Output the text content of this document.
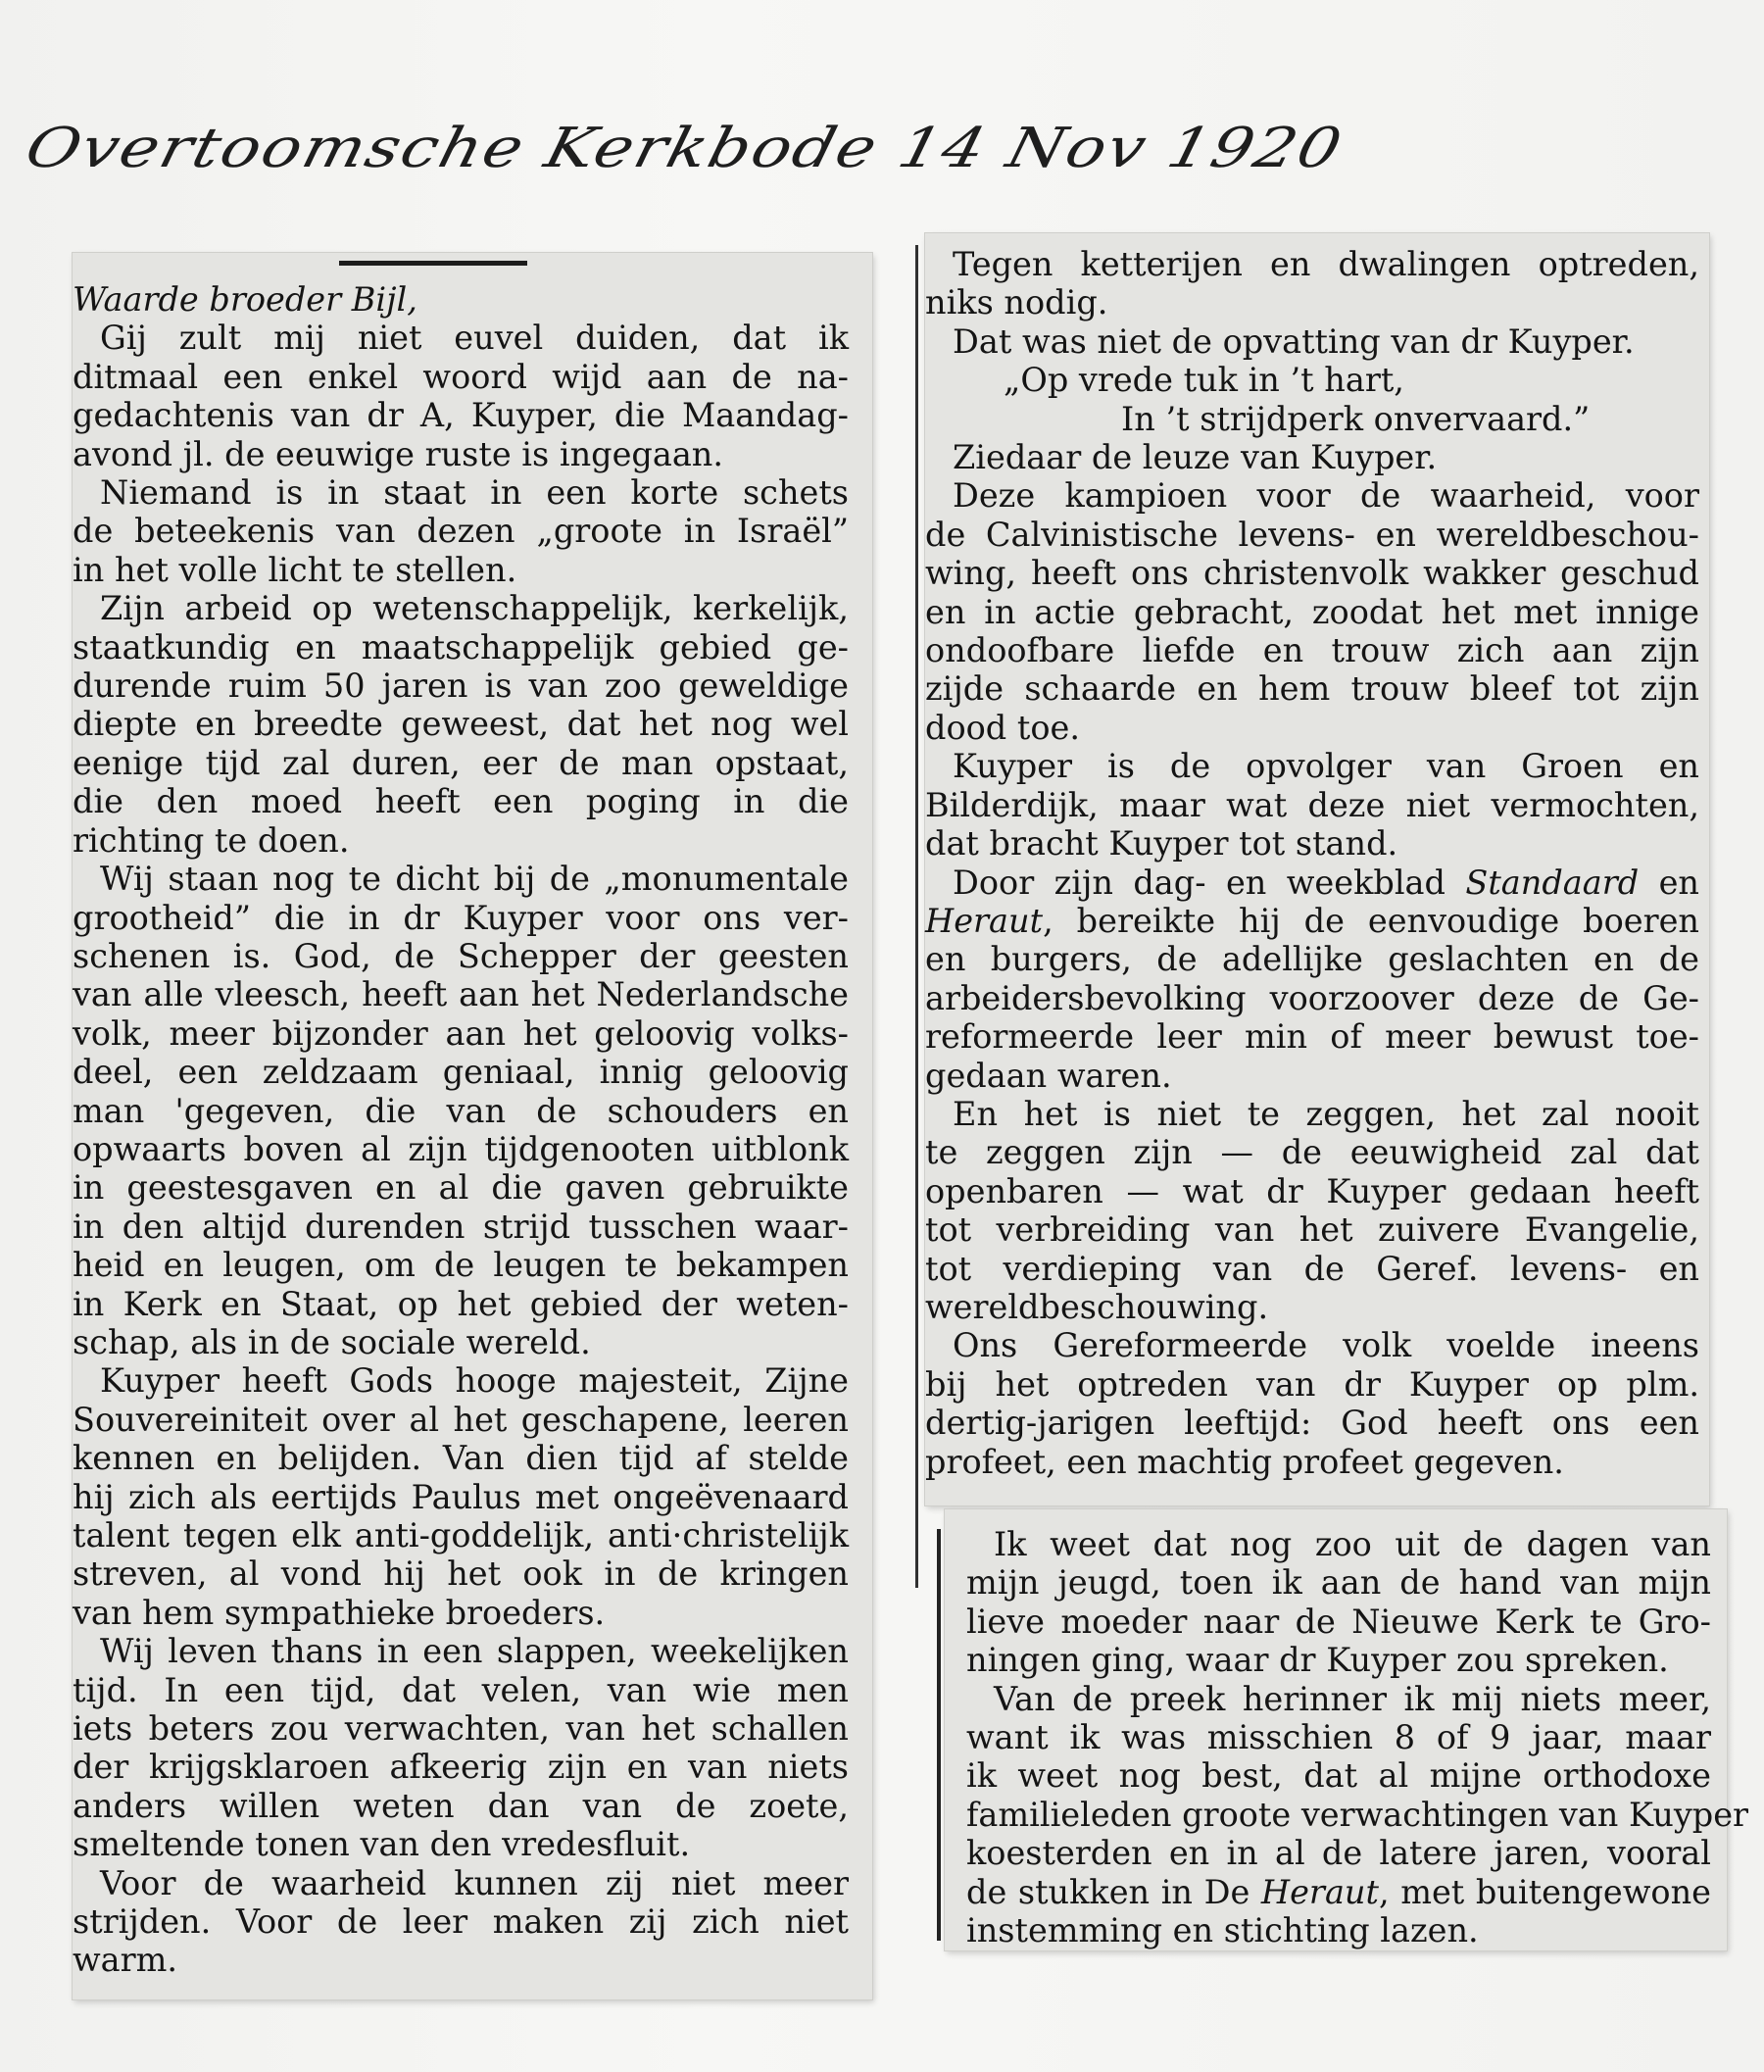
Overtoomsche Kerkbode 14 Nov 1920
Waarde broeder Bijl,
Gij zult mij niet euvel duiden, dat ik
ditmaal een enkel woord wijd aan de na-
gedachtenis van dr A, Kuyper, die Maandag-
avond jl. de eeuwige ruste is ingegaan.
Niemand is in staat in een korte schets
de beteekenis van dezen „groote in Israël”
in het volle licht te stellen.
Zijn arbeid op wetenschappelijk, kerkelijk,
staatkundig en maatschappelijk gebied ge-
durende ruim 50 jaren is van zoo geweldige
diepte en breedte geweest, dat het nog wel
eenige tijd zal duren, eer de man opstaat,
die den moed heeft een poging in die
richting te doen.
Wij staan nog te dicht bij de „monumentale
grootheid” die in dr Kuyper voor ons ver-
schenen is. God, de Schepper der geesten
van alle vleesch, heeft aan het Nederlandsche
volk, meer bijzonder aan het geloovig volks-
deel, een zeldzaam geniaal, innig geloovig
man 'gegeven, die van de schouders en
opwaarts boven al zijn tijdgenooten uitblonk
in geestesgaven en al die gaven gebruikte
in den altijd durenden strijd tusschen waar-
heid en leugen, om de leugen te bekampen
in Kerk en Staat, op het gebied der weten-
schap, als in de sociale wereld.
Kuyper heeft Gods hooge majesteit, Zijne
Souvereiniteit over al het geschapene, leeren
kennen en belijden. Van dien tijd af stelde
hij zich als eertijds Paulus met ongeëvenaard
talent tegen elk anti-goddelijk, anti·christelijk
streven, al vond hij het ook in de kringen
van hem sympathieke broeders.
Wij leven thans in een slappen, weekelijken
tijd. In een tijd, dat velen, van wie men
iets beters zou verwachten, van het schallen
der krijgsklaroen afkeerig zijn en van niets
anders willen weten dan van de zoete,
smeltende tonen van den vredesfluit.
Voor de waarheid kunnen zij niet meer
strijden. Voor de leer maken zij zich niet
warm.
Tegen ketterijen en dwalingen optreden,
niks nodig.
Dat was niet de opvatting van dr Kuyper.
„Op vrede tuk in ’t hart,
In ’t strijdperk onvervaard.”
Ziedaar de leuze van Kuyper.
Deze kampioen voor de waarheid, voor
de Calvinistische levens- en wereldbeschou-
wing, heeft ons christenvolk wakker geschud
en in actie gebracht, zoodat het met innige
ondoofbare liefde en trouw zich aan zijn
zijde schaarde en hem trouw bleef tot zijn
dood toe.
Kuyper is de opvolger van Groen en
Bilderdijk, maar wat deze niet vermochten,
dat bracht Kuyper tot stand.
Door zijn dag- en weekblad Standaard en
Heraut, bereikte hij de eenvoudige boeren
en burgers, de adellijke geslachten en de
arbeidersbevolking voorzoover deze de Ge-
reformeerde leer min of meer bewust toe-
gedaan waren.
En het is niet te zeggen, het zal nooit
te zeggen zijn — de eeuwigheid zal dat
openbaren — wat dr Kuyper gedaan heeft
tot verbreiding van het zuivere Evangelie,
tot verdieping van de Geref. levens- en
wereldbeschouwing.
Ons Gereformeerde volk voelde ineens
bij het optreden van dr Kuyper op plm.
dertig-jarigen leeftijd: God heeft ons een
profeet, een machtig profeet gegeven.
Ik weet dat nog zoo uit de dagen van
mijn jeugd, toen ik aan de hand van mijn
lieve moeder naar de Nieuwe Kerk te Gro-
ningen ging, waar dr Kuyper zou spreken.
Van de preek herinner ik mij niets meer,
want ik was misschien 8 of 9 jaar, maar
ik weet nog best, dat al mijne orthodoxe
familieleden groote verwachtingen van Kuyper
koesterden en in al de latere jaren, vooral
de stukken in De Heraut, met buitengewone
instemming en stichting lazen.
